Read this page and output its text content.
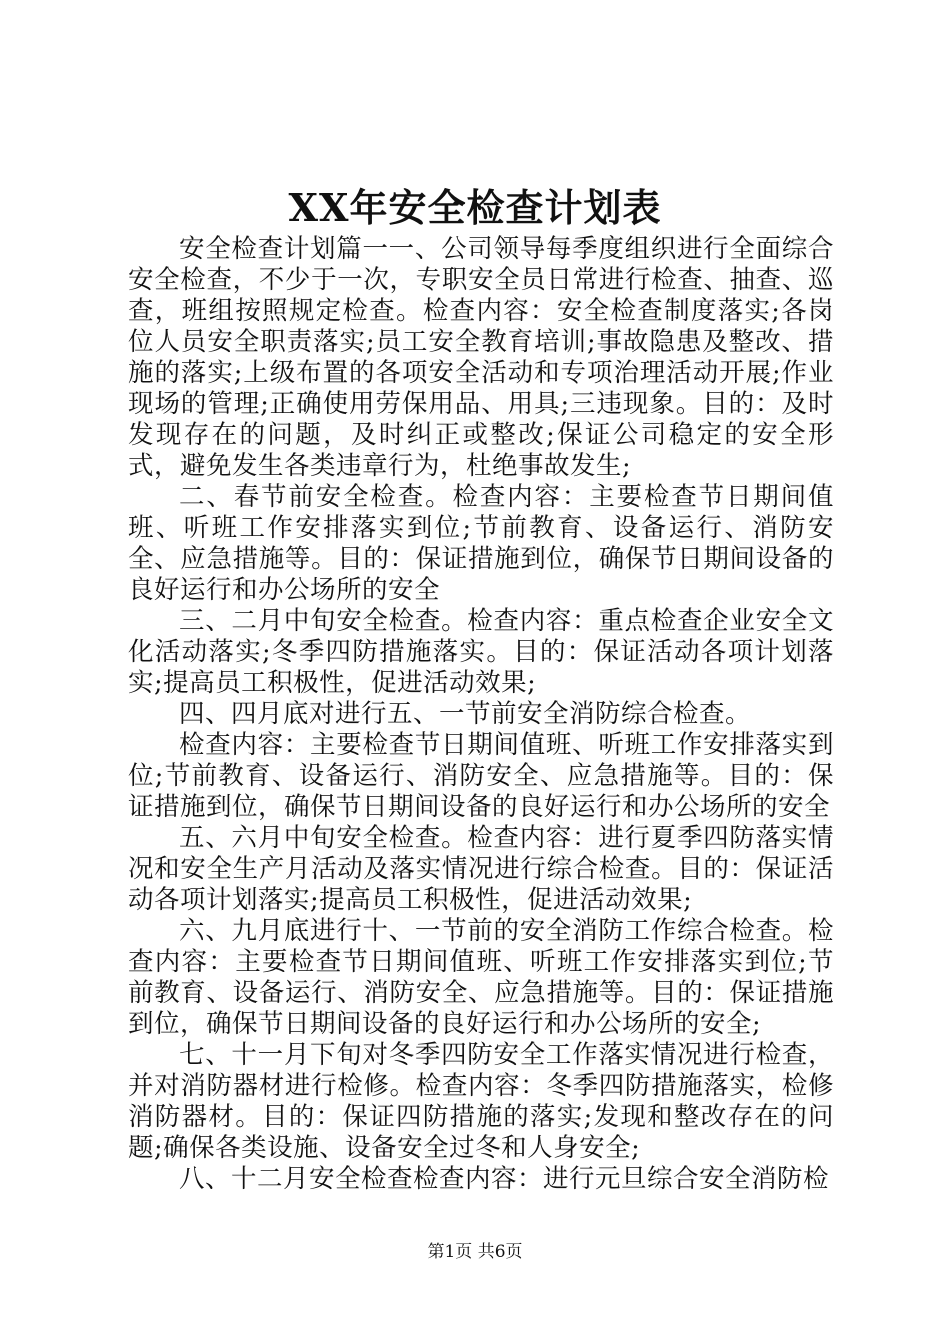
XX年安全检查计划表

安全检查计划篇一一、公司领导每季度组织进行全面综合安全检查，不少于一次，专职安全员日常进行检查、抽查、巡查，班组按照规定检查。检查内容：安全检查制度落实;各岗位人员安全职责落实;员工安全教育培训;事故隐患及整改、措施的落实;上级布置的各项安全活动和专项治理活动开展;作业现场的管理;正确使用劳保用品、用具;三违现象。目的：及时发现存在的问题，及时纠正或整改;保证公司稳定的安全形式，避免发生各类违章行为，杜绝事故发生;

二、春节前安全检查。检查内容：主要检查节日期间值班、听班工作安排落实到位;节前教育、设备运行、消防安全、应急措施等。目的：保证措施到位，确保节日期间设备的良好运行和办公场所的安全

三、二月中旬安全检查。检查内容：重点检查企业安全文化活动落实;冬季四防措施落实。目的：保证活动各项计划落实;提高员工积极性，促进活动效果;

四、四月底对进行五、一节前安全消防综合检查。

检查内容：主要检查节日期间值班、听班工作安排落实到位;节前教育、设备运行、消防安全、应急措施等。目的：保证措施到位，确保节日期间设备的良好运行和办公场所的安全

五、六月中旬安全检查。检查内容：进行夏季四防落实情况和安全生产月活动及落实情况进行综合检查。目的：保证活动各项计划落实;提高员工积极性，促进活动效果;

六、九月底进行十、一节前的安全消防工作综合检查。检查内容：主要检查节日期间值班、听班工作安排落实到位;节前教育、设备运行、消防安全、应急措施等。目的：保证措施到位，确保节日期间设备的良好运行和办公场所的安全;

七、十一月下旬对冬季四防安全工作落实情况进行检查，并对消防器材进行检修。检查内容：冬季四防措施落实，检修消防器材。目的：保证四防措施的落实;发现和整改存在的问题;确保各类设施、设备安全过冬和人身安全;

八、十二月安全检查检查内容：进行元旦综合安全消防检

第1页 共6页
